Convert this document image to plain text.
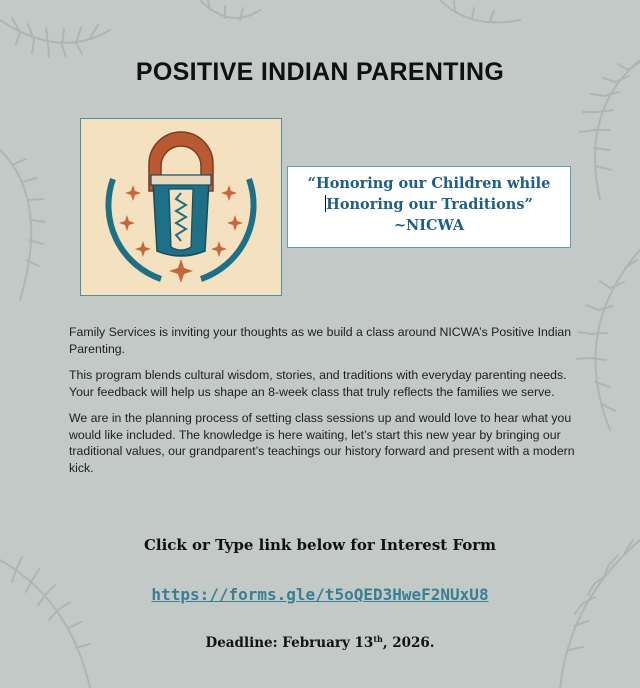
POSITIVE INDIAN PARENTING
“Honoring our Children while
Honoring our Traditions”
~NICWA

Family Services is inviting your thoughts as we build a class around NICWA’s Positive Indian Parenting.

This program blends cultural wisdom, stories, and traditions with everyday parenting needs. Your feedback will help us shape an 8-week class that truly reflects the families we serve.

We are in the planning process of setting class sessions up and would love to hear what you would like included. The knowledge is here waiting, let’s start this new year by bringing our traditional values, our grandparent’s teachings our history forward and present with a modern kick.

Click or Type link below for Interest Form
https://forms.gle/t5oQED3HweF2NUxU8
Deadline: February 13th, 2026.
